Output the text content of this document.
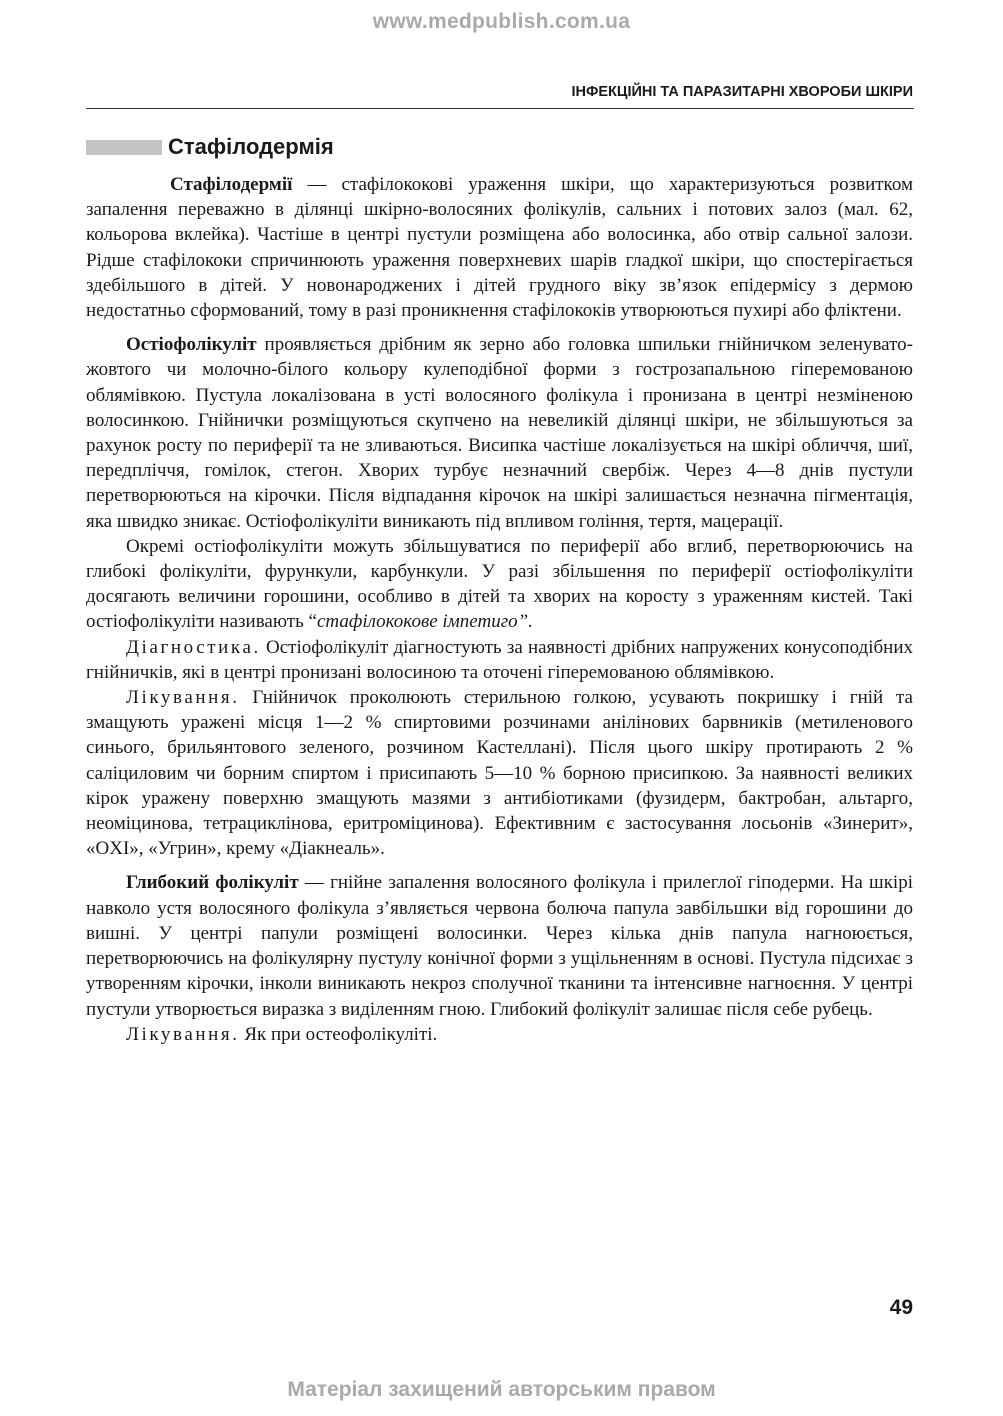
www.medpublish.com.ua
ІНФЕКЦІЙНІ ТА ПАРАЗИТАРНІ ХВОРОБИ ШКІРИ
Стафілодермія

Стафілодермії — стафілококові ураження шкіри, що характеризуються розвитком запалення переважно в ділянці шкірно-волосяних фолікулів, сальних і потових залоз (мал. 62, кольорова вклейка). Частіше в центрі пустули розміщена або волосинка, або отвір сальної залози. Рідше стафілококи спричинюють ураження поверхневих шарів гладкої шкіри, що спостерігається здебільшого в дітей. У новонароджених і дітей грудного віку зв’язок епідермісу з дермою недостатньо сформований, тому в разі проникнення стафілококів утворюються пухирі або фліктени.

Остіофолікуліт проявляється дрібним як зерно або головка шпильки гнійничком зеленувато-жовтого чи молочно-білого кольору кулеподібної форми з гострозапальною гіперемованою облямівкою. Пустула локалізована в усті волосяного фолікула і пронизана в центрі незміненою волосинкою. Гнійнички розміщуються скупчено на невеликій ділянці шкіри, не збільшуються за рахунок росту по периферії та не зливаються. Висипка частіше локалізується на шкірі обличчя, шиї, передпліччя, гомілок, стегон. Хворих турбує незначний свербіж. Через 4—8 днів пустули перетворюються на кірочки. Після відпадання кірочок на шкірі залишається незначна пігментація, яка швидко зникає. Остіофолікуліти виникають під впливом гоління, тертя, мацерації.

Окремі остіофолікуліти можуть збільшуватися по периферії або вглиб, перетворюючись на глибокі фолікуліти, фурункули, карбункули. У разі збільшення по периферії остіофолікуліти досягають величини горошини, особливо в дітей та хворих на коросту з ураженням кистей. Такі остіофолікуліти називають “стафілококове імпетиго”.

Діагностика. Остіофолікуліт діагностують за наявності дрібних напружених конусоподібних гнійничків, які в центрі пронизані волосиною та оточені гіперемованою облямівкою.

Лікування. Гнійничок проколюють стерильною голкою, усувають покришку і гній та змащують уражені місця 1—2 % спиртовими розчинами анілінових барвників (метиленового синього, брильянтового зеленого, розчином Кастеллані). Після цього шкіру протирають 2 % саліциловим чи борним спиртом і присипають 5—10 % борною присипкою. За наявності великих кірок уражену поверхню змащують мазями з антибіотиками (фузидерм, бактробан, альтарго, неоміцинова, тетрациклінова, еритроміцинова). Ефективним є застосування лосьонів «Зинерит», «OXI», «Угрин», крему «Діакнеаль».

Глибокий фолікуліт — гнійне запалення волосяного фолікула і прилеглої гіподерми. На шкірі навколо устя волосяного фолікула з’являється червона болюча папула завбільшки від горошини до вишні. У центрі папули розміщені волосинки. Через кілька днів папула нагноюється, перетворюючись на фолікулярну пустулу конічної форми з ущільненням в основі. Пустула підсихає з утворенням кірочки, інколи виникають некроз сполучної тканини та інтенсивне нагноєння. У центрі пустули утворюється виразка з виділенням гною. Глибокий фолікуліт залишає після себе рубець.

Лікування. Як при остеофолікуліті.

49
Матеріал захищений авторським правом
